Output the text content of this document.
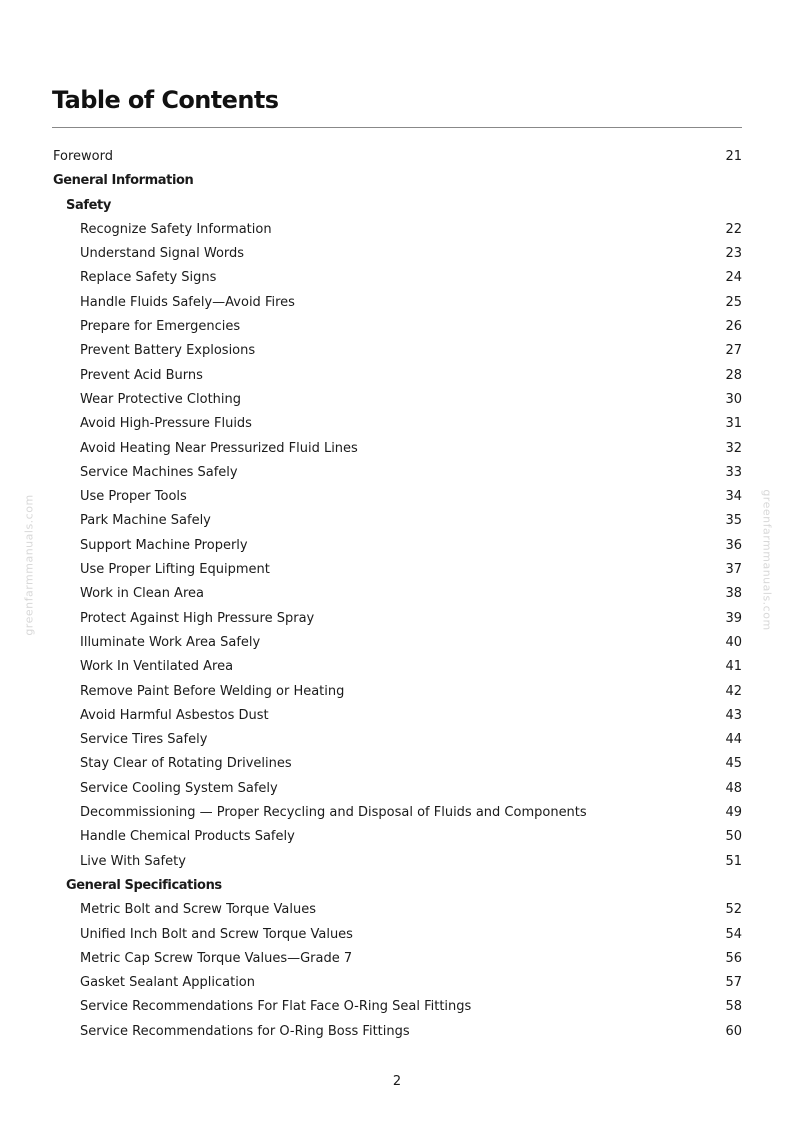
Table of Contents
Foreword	21
General Information
Safety
Recognize Safety Information	22
Understand Signal Words	23
Replace Safety Signs	24
Handle Fluids Safely—Avoid Fires	25
Prepare for Emergencies	26
Prevent Battery Explosions	27
Prevent Acid Burns	28
Wear Protective Clothing	30
Avoid High-Pressure Fluids	31
Avoid Heating Near Pressurized Fluid Lines	32
Service Machines Safely	33
Use Proper Tools	34
Park Machine Safely	35
Support Machine Properly	36
Use Proper Lifting Equipment	37
Work in Clean Area	38
Protect Against High Pressure Spray	39
Illuminate Work Area Safely	40
Work In Ventilated Area	41
Remove Paint Before Welding or Heating	42
Avoid Harmful Asbestos Dust	43
Service Tires Safely	44
Stay Clear of Rotating Drivelines	45
Service Cooling System Safely	48
Decommissioning — Proper Recycling and Disposal of Fluids and Components	49
Handle Chemical Products Safely	50
Live With Safety	51
General Specifications
Metric Bolt and Screw Torque Values	52
Unified Inch Bolt and Screw Torque Values	54
Metric Cap Screw Torque Values—Grade 7	56
Gasket Sealant Application	57
Service Recommendations For Flat Face O-Ring Seal Fittings	58
Service Recommendations for O-Ring Boss Fittings	60
greenfarmmanuals.com	greenfarmmanuals.com
2
